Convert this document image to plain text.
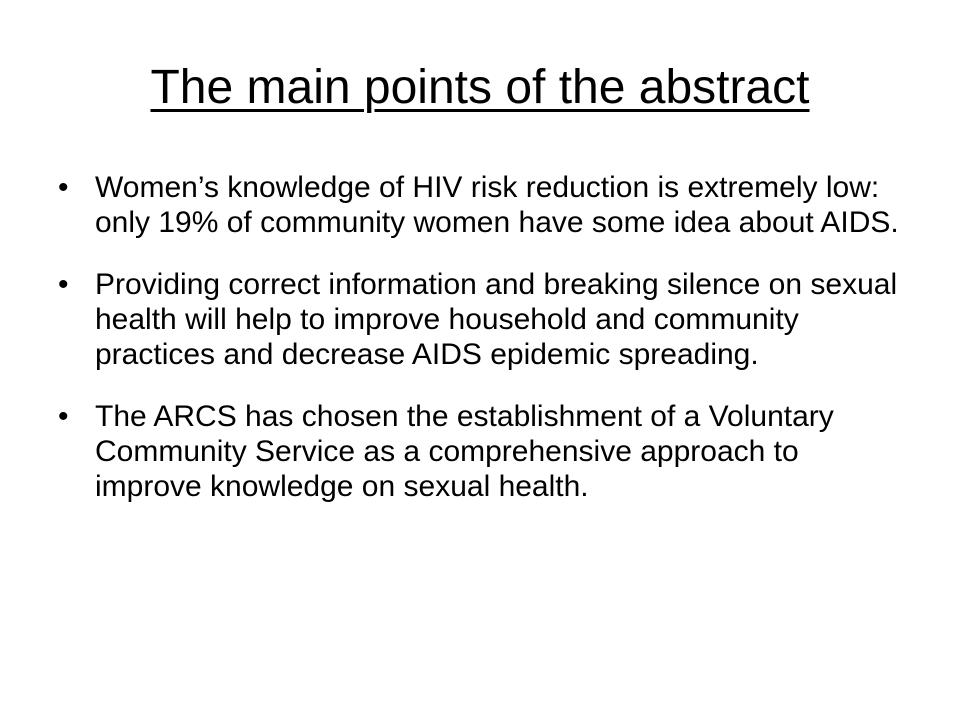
The main points of the abstract
• Women’s knowledge of HIV risk reduction is extremely low: only 19% of community women have some idea about AIDS.
• Providing correct information and breaking silence on sexual health will help to improve household and community practices and decrease AIDS epidemic spreading.
• The ARCS has chosen the establishment of a Voluntary Community Service as a comprehensive approach to improve knowledge on sexual health.
